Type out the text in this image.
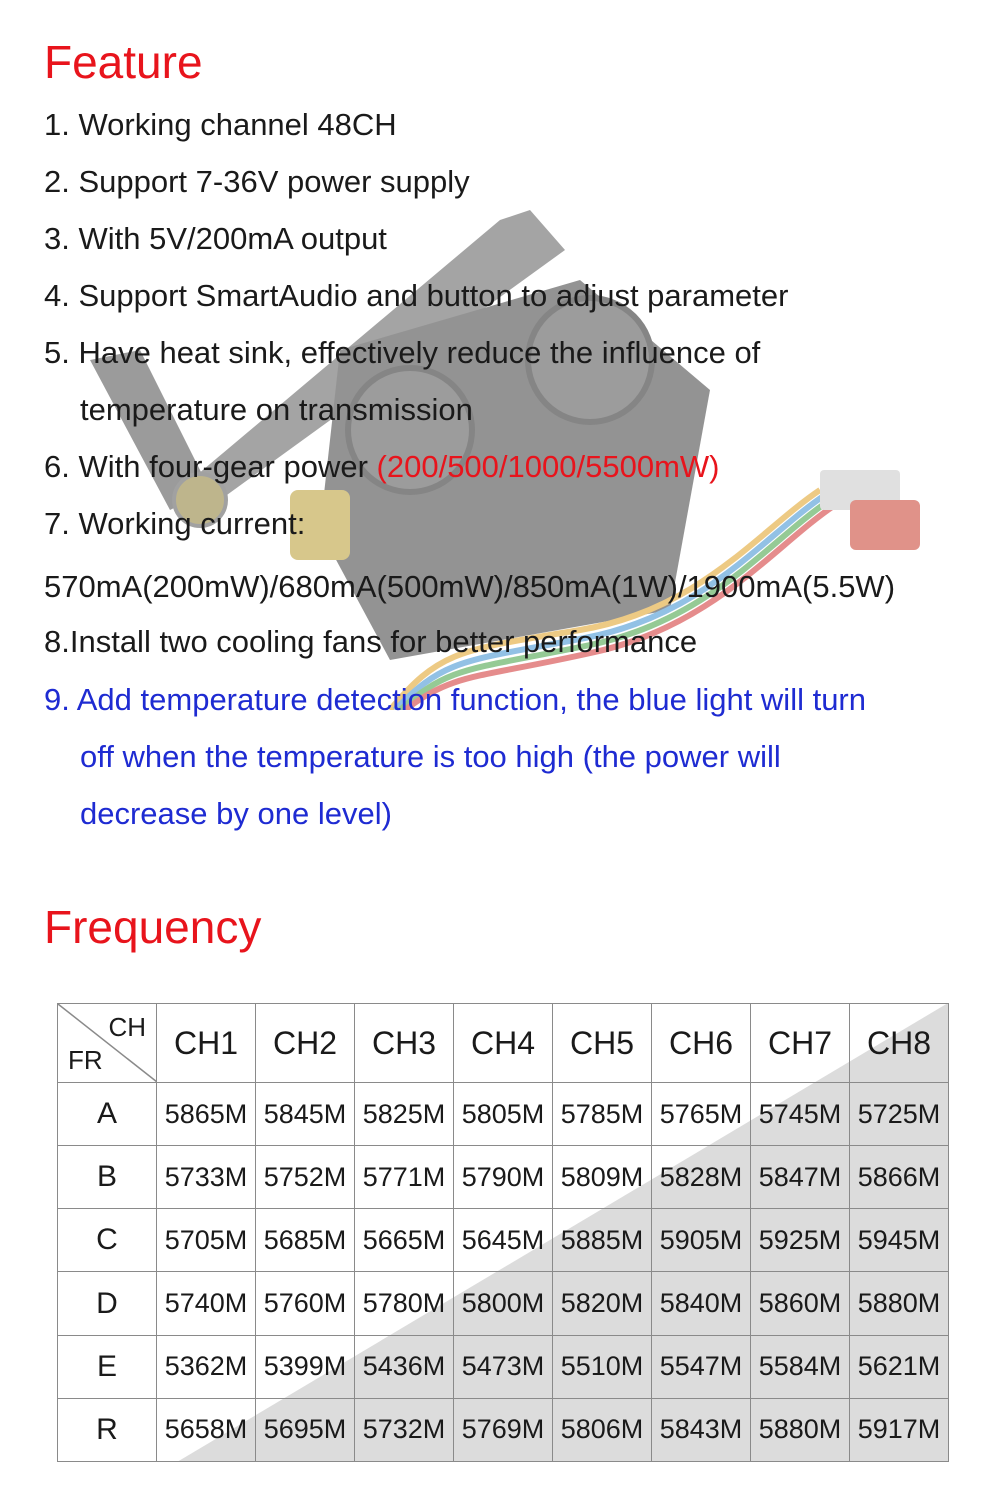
Feature
1. Working channel 48CH
2. Support 7-36V power supply
3. With 5V/200mA output
4. Support SmartAudio and button to adjust parameter
5. Have heat sink, effectively reduce the influence of
temperature on transmission
6. With four-gear power (200/500/1000/5500mW)
7. Working current:
570mA(200mW)/680mA(500mW)/850mA(1W)/1900mA(5.5W)
8.Install two cooling fans for better performance
9. Add temperature detection function, the blue light will turn
off when the temperature is too high (the power will
decrease by one level)
Frequency
CH
FR	CH1	CH2	CH3	CH4	CH5	CH6	CH7	CH8
A	5865M	5845M	5825M	5805M	5785M	5765M	5745M	5725M
B	5733M	5752M	5771M	5790M	5809M	5828M	5847M	5866M
C	5705M	5685M	5665M	5645M	5885M	5905M	5925M	5945M
D	5740M	5760M	5780M	5800M	5820M	5840M	5860M	5880M
E	5362M	5399M	5436M	5473M	5510M	5547M	5584M	5621M
R	5658M	5695M	5732M	5769M	5806M	5843M	5880M	5917M
